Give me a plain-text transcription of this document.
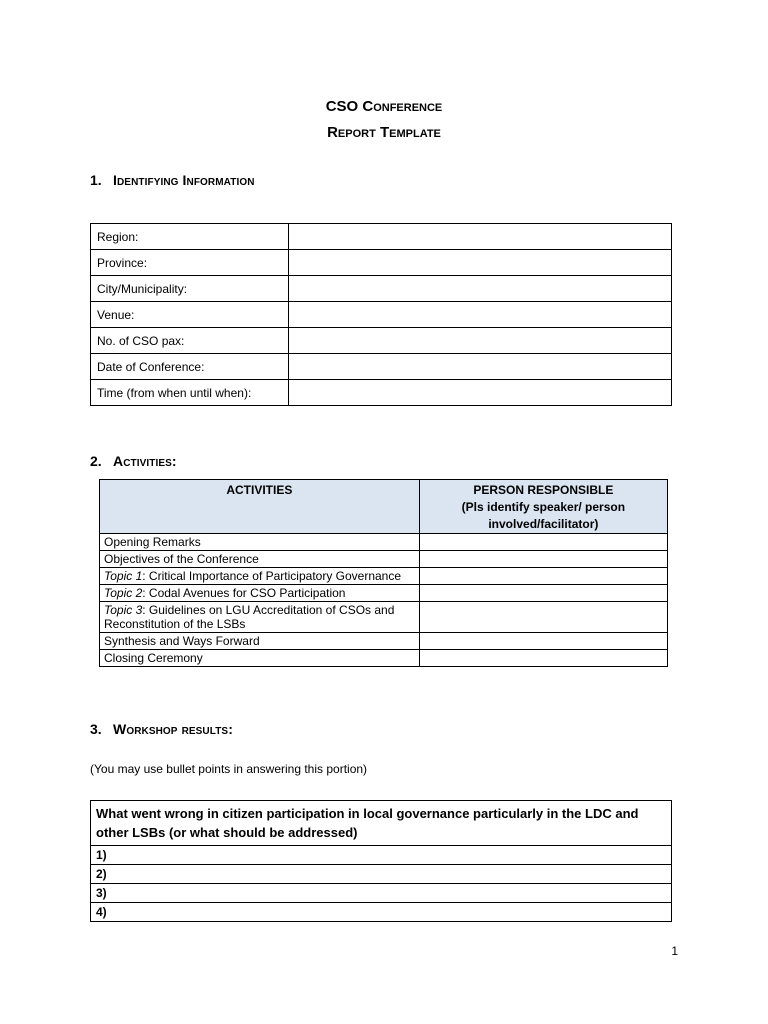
CSO Conference
Report Template
1. Identifying Information
Region:	
Province:	
City/Municipality:	
Venue:	
No. of CSO pax:	
Date of Conference:	
Time (from when until when):	
2. Activities:
ACTIVITIES	PERSON RESPONSIBLE
(Pls identify speaker/ person involved/facilitator)

Opening Remarks	
Objectives of the Conference	
Topic 1: Critical Importance of Participatory Governance	
Topic 2: Codal Avenues for CSO Participation	
Topic 3: Guidelines on LGU Accreditation of CSOs and Reconstitution of the LSBs	
Synthesis and Ways Forward	
Closing Ceremony	
3. Workshop results:
(You may use bullet points in answering this portion)
What went wrong in citizen participation in local governance particularly in the LDC and other LSBs (or what should be addressed)
1)
2)
3)
4)
1
